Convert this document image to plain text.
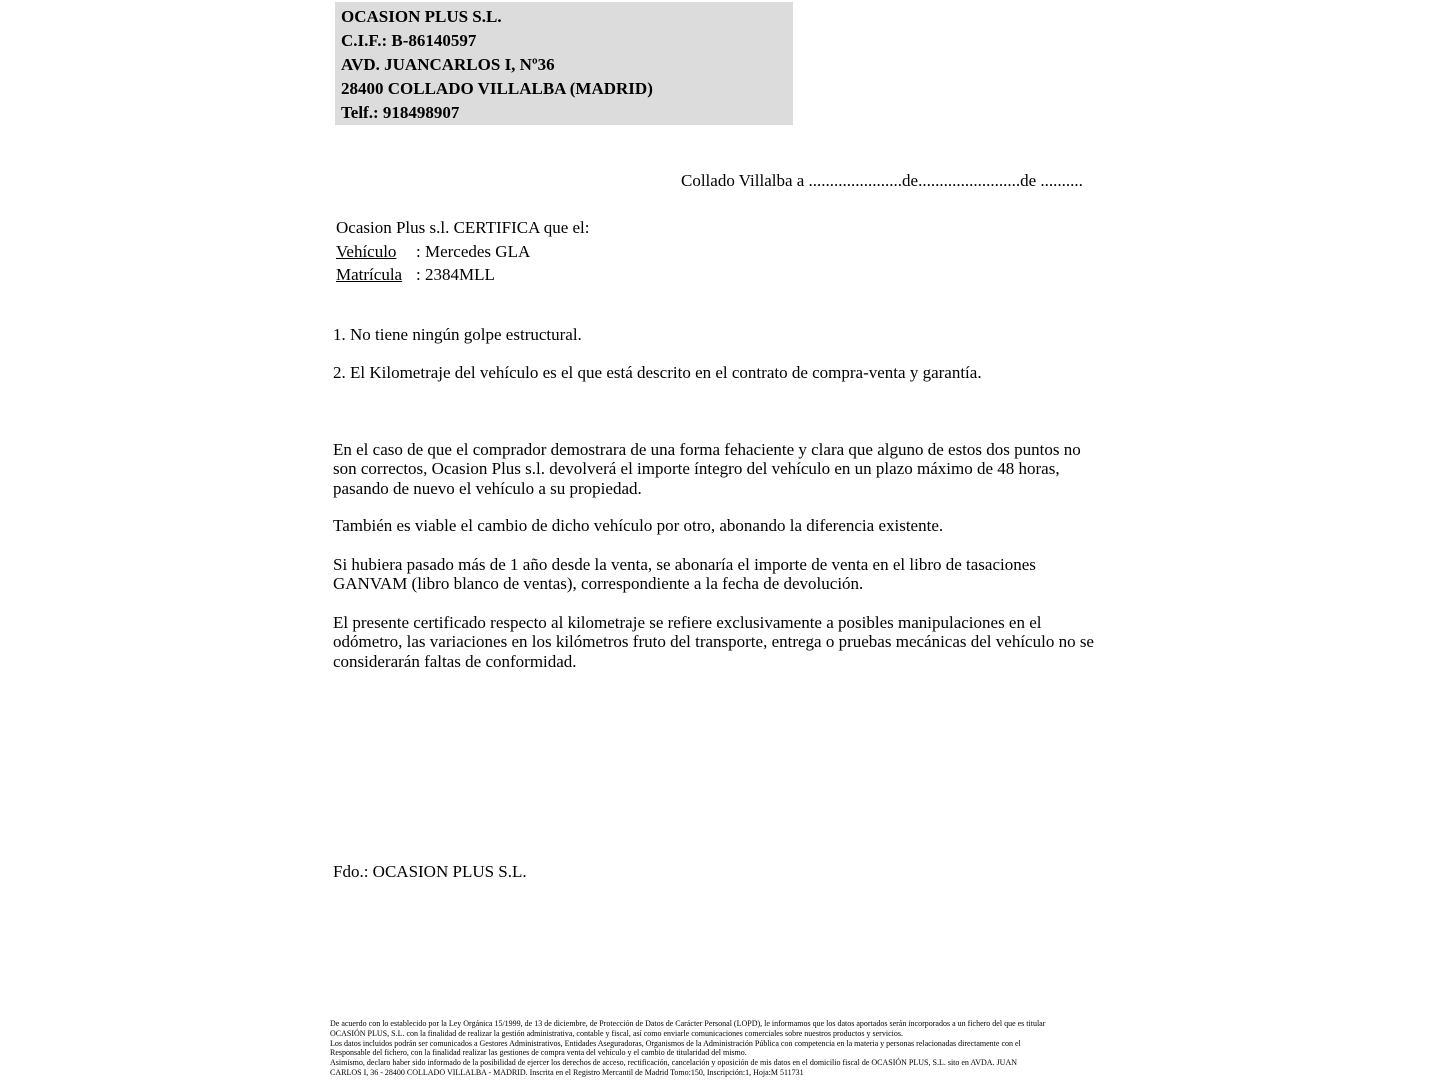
OCASION PLUS S.L.
C.I.F.: B-86140597
AVD. JUANCARLOS I, Nº36
28400 COLLADO VILLALBA (MADRID)
Telf.: 918498907
Collado Villalba a ......................de........................de ..........
Ocasion Plus s.l. CERTIFICA que el:
Vehículo : Mercedes GLA
Matrícula : 2384MLL
1. No tiene ningún golpe estructural.
2. El Kilometraje del vehículo es el que está descrito en el contrato de compra-venta y garantía.
En el caso de que el comprador demostrara de una forma fehaciente y clara que alguno de estos dos puntos no son correctos, Ocasion Plus s.l. devolverá el importe íntegro del vehículo en un plazo máximo de 48 horas, pasando de nuevo el vehículo a su propiedad.
También es viable el cambio de dicho vehículo por otro, abonando la diferencia existente.
Si hubiera pasado más de 1 año desde la venta, se abonaría el importe de venta en el libro de tasaciones GANVAM (libro blanco de ventas), correspondiente a la fecha de devolución.
El presente certificado respecto al kilometraje se refiere exclusivamente a posibles manipulaciones en el odómetro, las variaciones en los kilómetros fruto del transporte, entrega o pruebas mecánicas del vehículo no se considerarán faltas de conformidad.
Fdo.: OCASION PLUS S.L.
De acuerdo con lo establecido por la Ley Orgánica 15/1999, de 13 de diciembre, de Protección de Datos de Carácter Personal (LOPD), le informamos que los datos aportados serán incorporados a un fichero del que es titular
OCASIÓN PLUS, S.L. con la finalidad de realizar la gestión administrativa, contable y fiscal, así como enviarle comunicaciones comerciales sobre nuestros productos y servicios.
Los datos incluidos podrán ser comunicados a Gestores Administrativos, Entidades Aseguradoras, Organismos de la Administración Pública con competencia en la materia y personas relacionadas directamente con el
Responsable del fichero, con la finalidad realizar las gestiones de compra venta del vehículo y el cambio de titularidad del mismo.
Asimismo, declaro haber sido informado de la posibilidad de ejercer los derechos de acceso, rectificación, cancelación y oposición de mis datos en el domicilio fiscal de OCASIÓN PLUS, S.L. sito en AVDA. JUAN
CARLOS I, 36 - 28400 COLLADO VILLALBA - MADRID. Inscrita en el Registro Mercantil de Madrid Tomo:150, Inscripción:1, Hoja:M 511731
